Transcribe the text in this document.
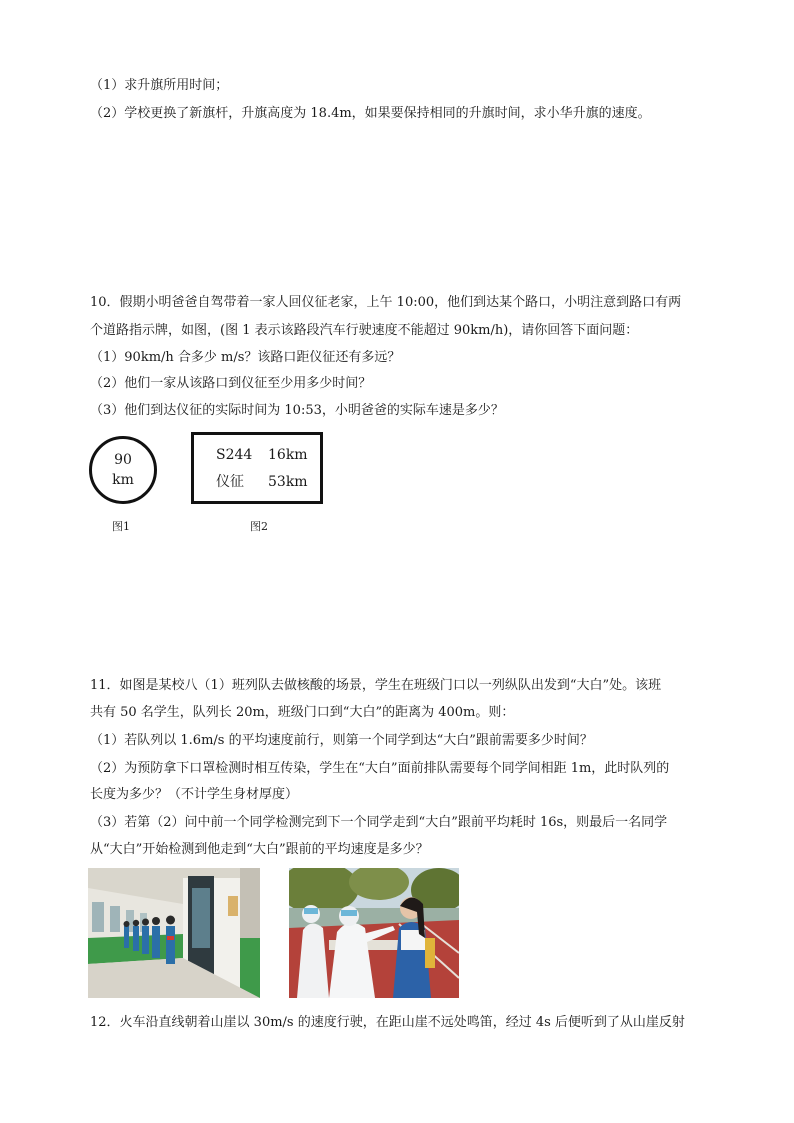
（1）求升旗所用时间；
（2）学校更换了新旗杆，升旗高度为 18.4m，如果要保持相同的升旗时间，求小华升旗的速度。
10．假期小明爸爸自驾带着一家人回仪征老家，上午 10:00，他们到达某个路口，小明注意到路口有两
个道路指示牌，如图，(图 1 表示该路段汽车行驶速度不能超过 90km/h)，请你回答下面问题：
（1）90km/h 合多少 m/s？该路口距仪征还有多远？
（2）他们一家从该路口到仪征至少用多少时间？
（3）他们到达仪征的实际时间为 10:53，小明爸爸的实际车速是多少？
90
km
图1
S244 16km
仪征 53km
图2
11．如图是某校八（1）班列队去做核酸的场景，学生在班级门口以一列纵队出发到“大白”处。该班
共有 50 名学生，队列长 20m，班级门口到“大白”的距离为 400m。则：
（1）若队列以 1.6m/s 的平均速度前行，则第一个同学到达“大白”跟前需要多少时间？
（2）为预防拿下口罩检测时相互传染，学生在“大白”面前排队需要每个同学间相距 1m，此时队列的
长度为多少？（不计学生身材厚度）
（3）若第（2）问中前一个同学检测完到下一个同学走到“大白”跟前平均耗时 16s，则最后一名同学
从“大白”开始检测到他走到“大白”跟前的平均速度是多少？
12．火车沿直线朝着山崖以 30m/s 的速度行驶，在距山崖不远处鸣笛，经过 4s 后便听到了从山崖反射
